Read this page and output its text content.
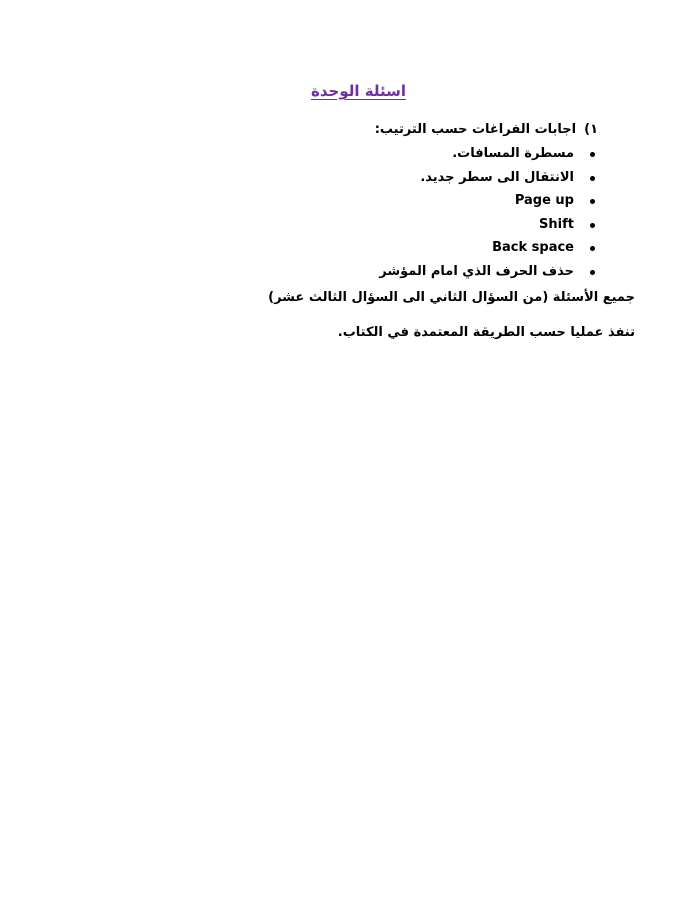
اسئلة الوحدة
١)اجابات الفراغات حسب الترتيب:
مسطرة المسافات.
الانتقال الى سطر جديد.
Page up
Shift
Back space
حذف الحرف الذي امام المؤشر
جميع الأسئلة (من السؤال الثاني الى السؤال الثالث عشر)
تنفذ عمليا حسب الطريقة المعتمدة في الكتاب.
